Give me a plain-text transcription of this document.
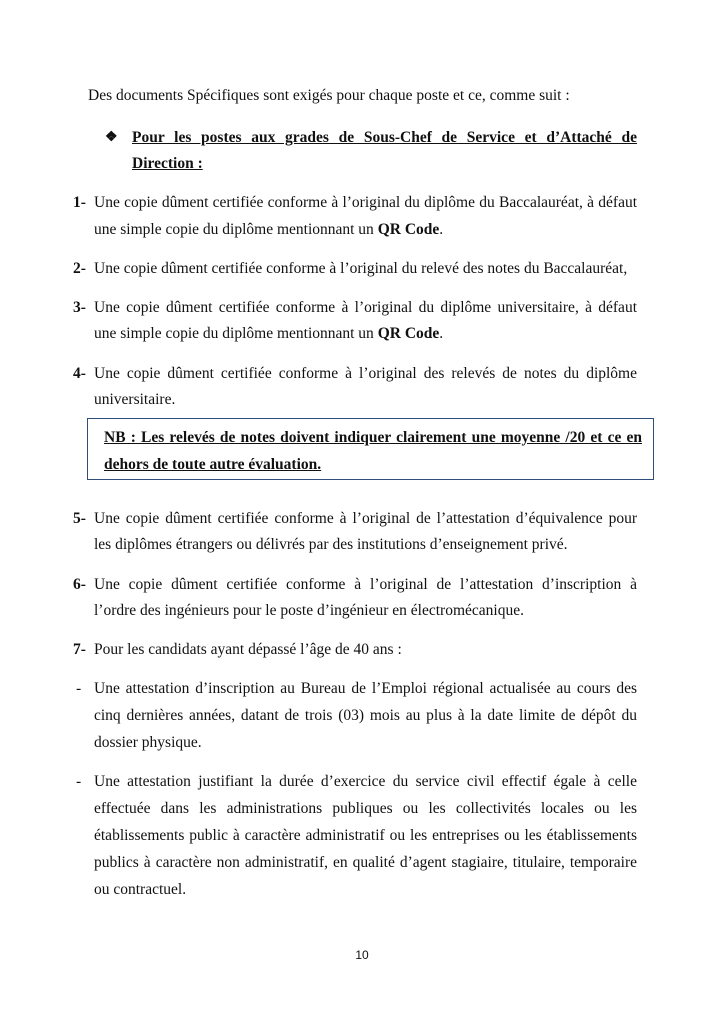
Des documents Spécifiques sont exigés pour chaque poste et ce, comme suit :
❖ Pour les postes aux grades de Sous-Chef de Service et d’Attaché de
Direction :
1- Une copie dûment certifiée conforme à l’original du diplôme du Baccalauréat, à défaut
une simple copie du diplôme mentionnant un QR Code.
2- Une copie dûment certifiée conforme à l’original du relevé des notes du Baccalauréat,
3- Une copie dûment certifiée conforme à l’original du diplôme universitaire, à défaut
une simple copie du diplôme mentionnant un QR Code.
4- Une copie dûment certifiée conforme à l’original des relevés de notes du diplôme
universitaire.
NB : Les relevés de notes doivent indiquer clairement une moyenne /20 et ce en
dehors de toute autre évaluation.
5- Une copie dûment certifiée conforme à l’original de l’attestation d’équivalence pour
les diplômes étrangers ou délivrés par des institutions d’enseignement privé.
6- Une copie dûment certifiée conforme à l’original de l’attestation d’inscription à
l’ordre des ingénieurs pour le poste d’ingénieur en électromécanique.
7- Pour les candidats ayant dépassé l’âge de 40 ans :
- Une attestation d’inscription au Bureau de l’Emploi régional actualisée au cours des
cinq dernières années, datant de trois (03) mois au plus à la date limite de dépôt du
dossier physique.
- Une attestation justifiant la durée d’exercice du service civil effectif égale à celle
effectuée dans les administrations publiques ou les collectivités locales ou les
établissements public à caractère administratif ou les entreprises ou les établissements
publics à caractère non administratif, en qualité d’agent stagiaire, titulaire, temporaire
ou contractuel.
10
